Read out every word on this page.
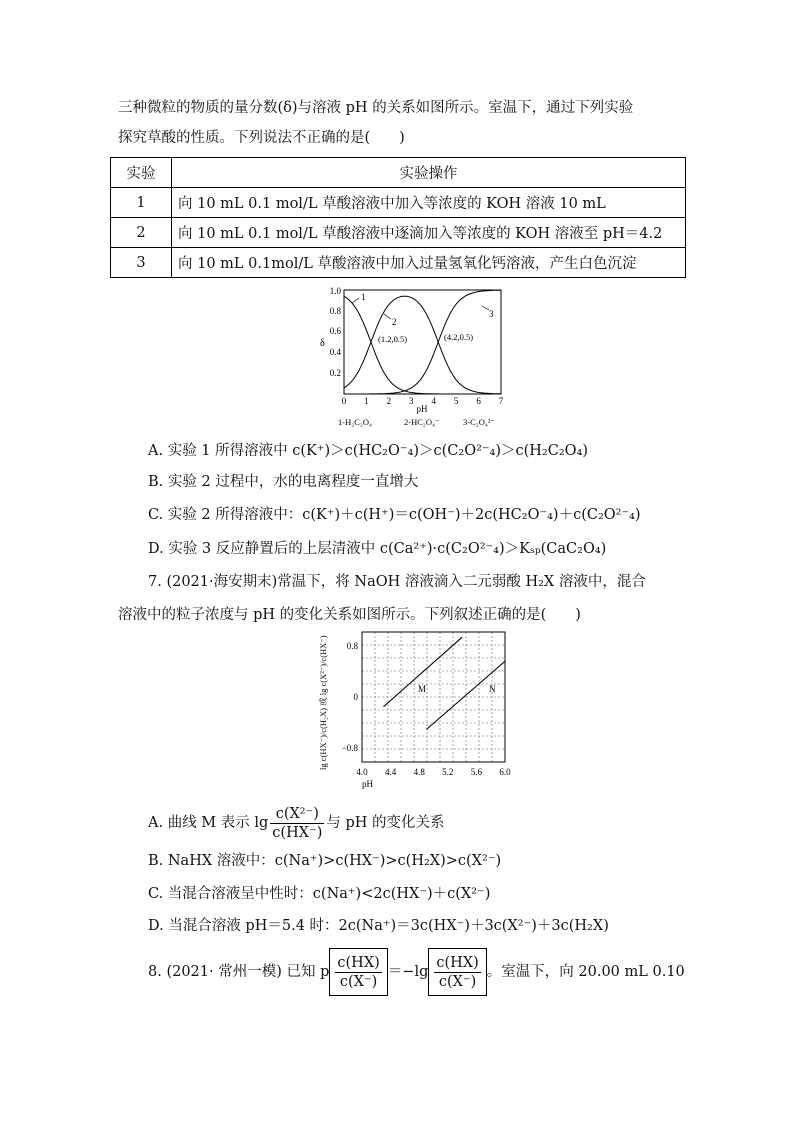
三种微粒的物质的量分数(δ)与溶液 pH 的关系如图所示。室温下，通过下列实验
探究草酸的性质。下列说法不正确的是(　　)
实验	实验操作
1	向 10 mL 0.1 mol/L 草酸溶液中加入等浓度的 KOH 溶液 10 mL
2	向 10 mL 0.1 mol/L 草酸溶液中逐滴加入等浓度的 KOH 溶液至 pH＝4.2
3	向 10 mL 0.1mol/L 草酸溶液中加入过量氢氧化钙溶液，产生白色沉淀
0.2
0.4
0.6
0.8
1.0
δ
0 1 2 3 4 5 6 7
pH
1
2
3
(1.2,0.5)	(4.2,0.5)
1-H₂C₂O₄	2-HC₂O₄⁻	3-C₂O₄²⁻
A. 实验 1 所得溶液中 c(K⁺)＞c(HC₂O⁻₄)＞c(C₂O²⁻₄)＞c(H₂C₂O₄)
B. 实验 2 过程中，水的电离程度一直增大
C. 实验 2 所得溶液中：c(K⁺)＋c(H⁺)＝c(OH⁻)＋2c(HC₂O⁻₄)＋c(C₂O²⁻₄)
D. 实验 3 反应静置后的上层清液中 c(Ca²⁺)·c(C₂O²⁻₄)＞Kₛₚ(CaC₂O₄)
7. (2021·海安期末)常温下，将 NaOH 溶液滴入二元弱酸 H₂X 溶液中，混合
溶液中的粒子浓度与 pH 的变化关系如图所示。下列叙述正确的是(　　)
M	N
0.8
0
−0.8
4.0 4.4 4.8 5.2 5.6 6.0
pH
lg c(HX⁻)/c(H₂X) 或 lg c(X²⁻)/c(HX⁻)
A. 曲线 M 表示 $\lg \frac{\text{c(X²⁻)}}{c(HX^-)}$ 与 pH 的变化关系
B. NaHX 溶液中：c(Na⁺)>c(HX⁻)>c(H₂X)>c(X²⁻)
C. 当混合溶液呈中性时：c(Na⁺)<2c(HX⁻)＋c(X²⁻)
D. 当混合溶液 pH＝5.4 时：2c(Na⁺)＝3c(HX⁻)＋3c(X²⁻)＋3c(H₂X)
8. (2021· 常州一模) 已知 p $\frac{c(HX)}{c(X^-)} =-\lg \frac{c(HX)}{c(X^-)}$ 。室温下，向 20.00 mL 0.10
